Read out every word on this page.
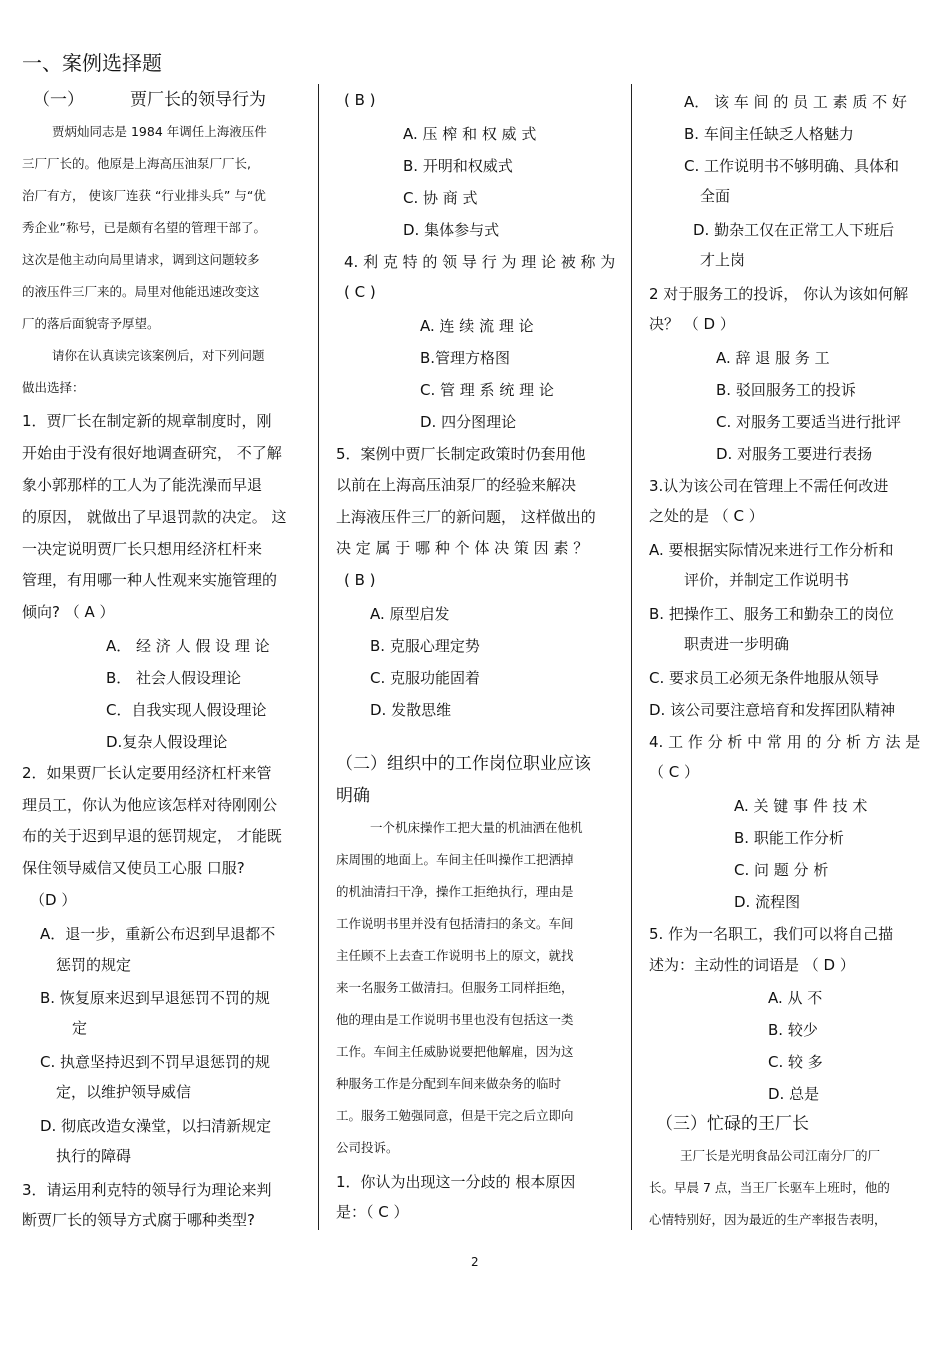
一、案例选择题
（一）	贾厂长的领导行为
贾炳灿同志是 1984 年调任上海液压件
三厂厂长的。他原是上海高压油泵厂厂长,
治厂有方， 使该厂连获 “行业排头兵” 与“优
秀企业”称号，已是颇有名望的管理干部了。
这次是他主动向局里请求，调到这问题较多
的液压件三厂来的。局里对他能迅速改变这
厂的落后面貌寄予厚望。
请你在认真读完该案例后，对下列问题
做出选择：
1．贾厂长在制定新的规章制度时，刚
开始由于没有很好地调查研究， 不了解
象小郭那样的工人为了能洗澡而早退
的原因， 就做出了早退罚款的决定。 这
一决定说明贾厂长只想用经济杠杆来
管理，有用哪一种人性观来实施管理的
倾向? （ A ）
A． 经 济 人 假 设 理 论
B． 社会人假设理论
C．自我实现人假设理论
D.复杂人假设理论
2．如果贾厂长认定要用经济杠杆来管
理员工，你认为他应该怎样对待刚刚公
布的关于迟到早退的惩罚规定， 才能既
保住领导威信又使员工心服 口服?
（D ）
A．退一步，重新公布迟到早退都不
惩罚的规定
B. 恢复原来迟到早退惩罚不罚的规
定
C. 执意坚持迟到不罚早退惩罚的规
定，以维护领导威信
D. 彻底改造女澡堂，以扫清新规定
执行的障碍
3．请运用利克特的领导行为理论来判
断贾厂长的领导方式腐于哪种类型?
( B )
A. 压 榨 和 权 威 式
B. 开明和权威式
C. 协 商 式
D. 集体参与式
4. 利 克 特 的 领 导 行 为 理 论 被 称 为
( C )
A. 连 续 流 理 论
B.管理方格图
C. 管 理 系 统 理 论
D. 四分图理论
5．案例中贾厂长制定政策时仍套用他
以前在上海高压油泵厂的经验来解决
上海液压件三厂的新问题， 这样做出的
决 定 属 于 哪 种 个 体 决 策 因 素 ？
( B )
A. 原型启发
B. 克服心理定势
C. 克服功能固着
D. 发散思维
（二）组织中的工作岗位职业应该
明确
一个机床操作工把大量的机油洒在他机
床周围的地面上。车间主任叫操作工把洒掉
的机油清扫干净，操作工拒绝执行，理由是
工作说明书里并没有包括清扫的条文。车间
主任顾不上去查工作说明书上的原文，就找
来一名服务工做清扫。但服务工同样拒绝，
他的理由是工作说明书里也没有包括这一类
工作。车间主任威胁说要把他解雇，因为这
种服务工作是分配到车间来做杂务的临时
工。服务工勉强同意，但是干完之后立即向
公司投诉。
1．你认为出现这一分歧的 根本原因
是：（ C ）
A． 该 车 间 的 员 工 素 质 不 好
B. 车间主任缺乏人格魅力
C. 工作说明书不够明确、具体和
全面
D. 勤杂工仅在正常工人下班后
才上岗
2 对于服务工的投诉， 你认为该如何解
决？ （ D ）
A. 辞 退 服 务 工
B. 驳回服务工的投诉
C. 对服务工要适当进行批评
D. 对服务工要进行表扬
3.认为该公司在管理上不需任何改进
之处的是 （ C ）
A. 要根据实际情况来进行工作分析和
评价，并制定工作说明书
B. 把操作工、服务工和勤杂工的岗位
职责进一步明确
C. 要求员工必须无条件地服从领导
D. 该公司要注意培育和发挥团队精神
4. 工 作 分 析 中 常 用 的 分 析 方 法 是
（ C ）
A. 关 键 事 件 技 术
B. 职能工作分析
C. 问 题 分 析
D. 流程图
5. 作为一名职工，我们可以将自己描
述为：主动性的词语是 （ D ）
A. 从 不
B. 较少
C. 较 多
D. 总是
（三）忙碌的王厂长
王厂长是光明食品公司江南分厂的厂
长。早晨 7 点，当王厂长驱车上班时，他的
心情特别好，因为最近的生产率报告表明，
2
